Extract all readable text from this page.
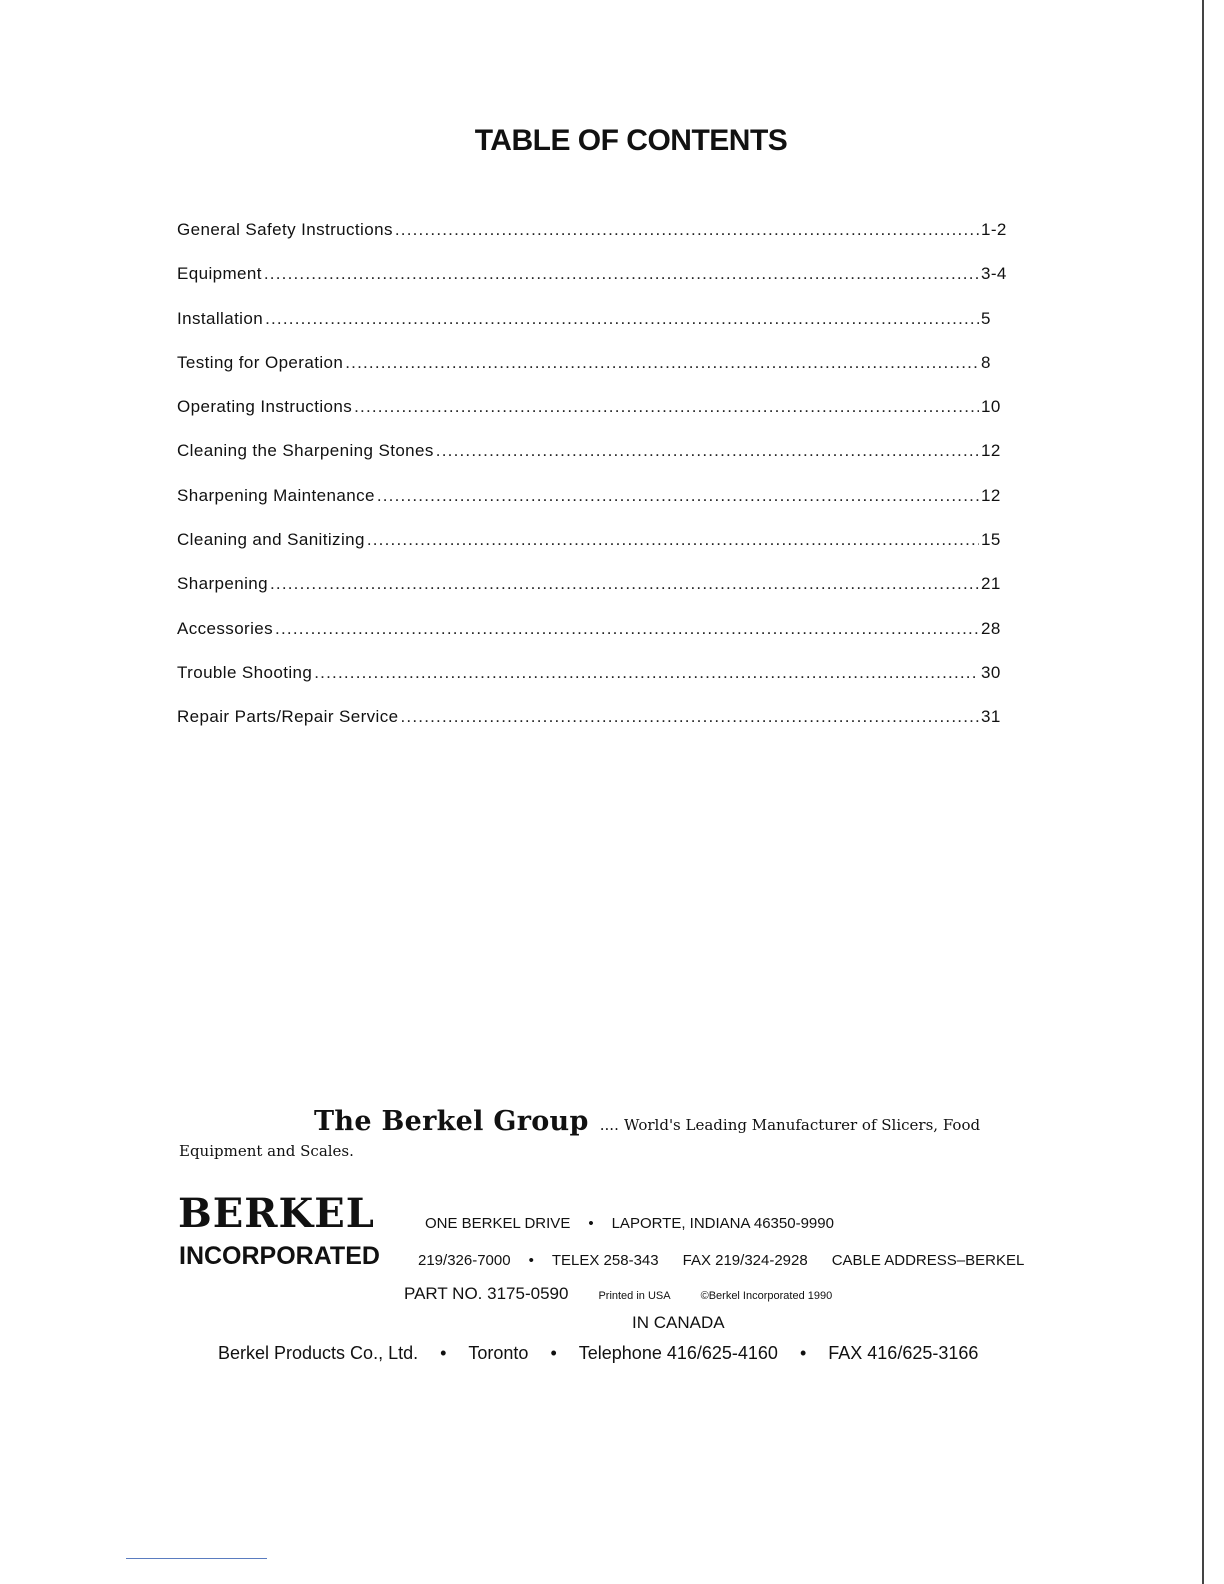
TABLE OF CONTENTS
General Safety Instructions .....	1-2
Equipment .....	3-4
Installation .....	5
Testing for Operation .....	8
Operating Instructions .....	10
Cleaning the Sharpening Stones .....	12
Sharpening Maintenance .....	12
Cleaning and Sanitizing .....	15
Sharpening .....	21
Accessories .....	28
Trouble Shooting .....	30
Repair Parts/Repair Service .....	31
The Berkel Group .... World's Leading Manufacturer of Slicers, Food
Equipment and Scales.
BERKEL
INCORPORATED
ONE BERKEL DRIVE • LAPORTE, INDIANA 46350-9990
219/326-7000 • TELEX 258-343 FAX 219/324-2928 CABLE ADDRESS–BERKEL
PART NO. 3175-0590	Printed in USA	©Berkel Incorporated 1990
IN CANADA
Berkel Products Co., Ltd. • Toronto • Telephone 416/625-4160 • FAX 416/625-3166
